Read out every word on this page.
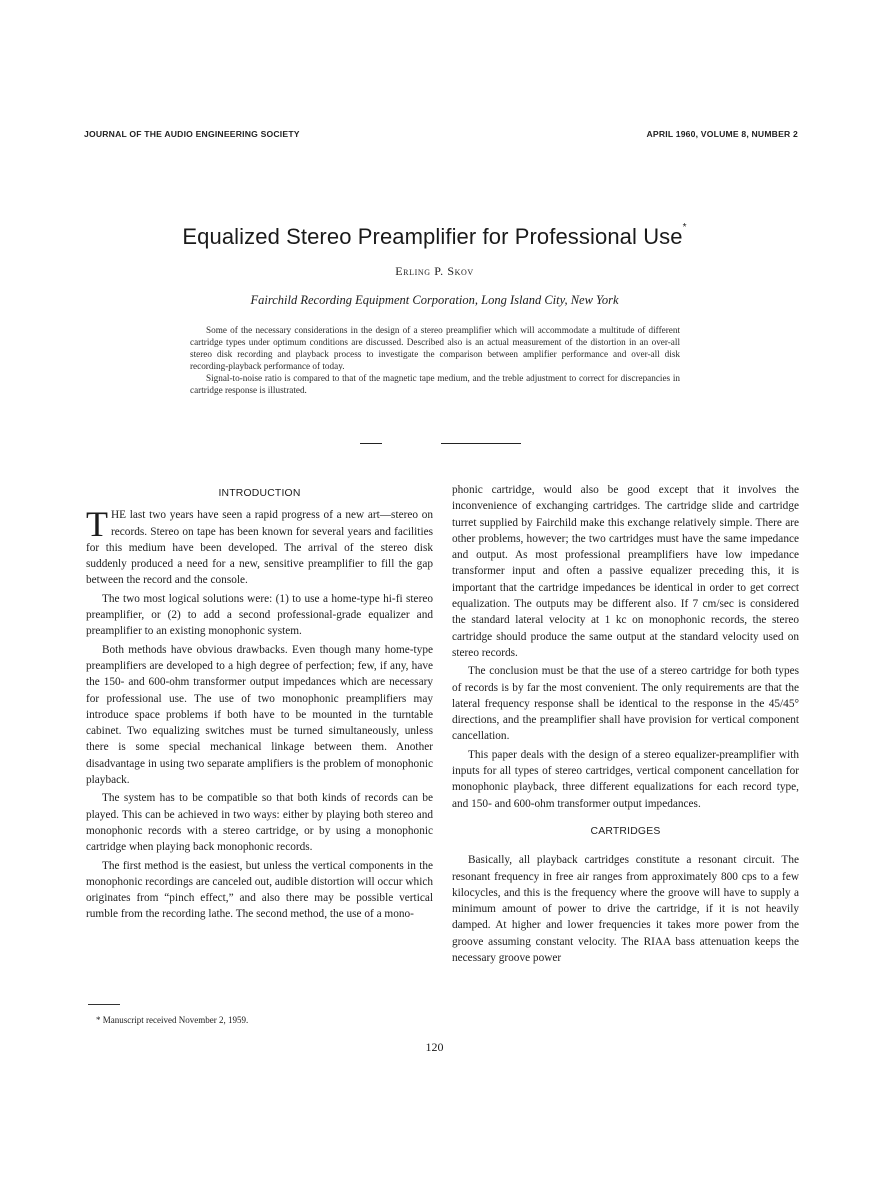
JOURNAL OF THE AUDIO ENGINEERING SOCIETY	APRIL 1960, VOLUME 8, NUMBER 2
Equalized Stereo Preamplifier for Professional Use*
Erling P. Skov
Fairchild Recording Equipment Corporation, Long Island City, New York

Some of the necessary considerations in the design of a stereo preamplifier which will accommodate a multitude of different cartridge types under optimum conditions are discussed. Described also is an actual measurement of the distortion in an over-all stereo disk recording and playback process to investigate the comparison between amplifier performance and over-all disk recording-playback performance of today.

Signal-to-noise ratio is compared to that of the magnetic tape medium, and the treble adjustment to correct for discrepancies in cartridge response is illustrated.

INTRODUCTION

THE last two years have seen a rapid progress of a new art—stereo on records. Stereo on tape has been known for several years and facilities for this medium have been developed. The arrival of the stereo disk suddenly produced a need for a new, sensitive preamplifier to fill the gap between the record and the console.

The two most logical solutions were: (1) to use a home-type hi-fi stereo preamplifier, or (2) to add a second professional-grade equalizer and preamplifier to an existing monophonic system.

Both methods have obvious drawbacks. Even though many home-type preamplifiers are developed to a high degree of perfection; few, if any, have the 150- and 600-ohm transformer output impedances which are necessary for professional use. The use of two monophonic preamplifiers may introduce space problems if both have to be mounted in the turntable cabinet. Two equalizing switches must be turned simultaneously, unless there is some special mechanical linkage between them. Another disadvantage in using two separate amplifiers is the problem of monophonic playback.

The system has to be compatible so that both kinds of records can be played. This can be achieved in two ways: either by playing both stereo and monophonic records with a stereo cartridge, or by using a monophonic cartridge when playing back monophonic records.

The first method is the easiest, but unless the vertical components in the monophonic recordings are canceled out, audible distortion will occur which originates from “pinch effect,” and also there may be possible vertical rumble from the recording lathe. The second method, the use of a mono-

phonic cartridge, would also be good except that it involves the inconvenience of exchanging cartridges. The cartridge slide and cartridge turret supplied by Fairchild make this exchange relatively simple. There are other problems, however; the two cartridges must have the same impedance and output. As most professional preamplifiers have low impedance transformer input and often a passive equalizer preceding this, it is important that the cartridge impedances be identical in order to get correct equalization. The outputs may be different also. If 7 cm/sec is considered the standard lateral velocity at 1 kc on monophonic records, the stereo cartridge should produce the same output at the standard velocity used on stereo records.

The conclusion must be that the use of a stereo cartridge for both types of records is by far the most convenient. The only requirements are that the lateral frequency response shall be identical to the response in the 45/45° directions, and the preamplifier shall have provision for vertical component cancellation.

This paper deals with the design of a stereo equalizer-preamplifier with inputs for all types of stereo cartridges, vertical component cancellation for monophonic playback, three different equalizations for each record type, and 150- and 600-ohm transformer output impedances.

CARTRIDGES

Basically, all playback cartridges constitute a resonant circuit. The resonant frequency in free air ranges from approximately 800 cps to a few kilocycles, and this is the frequency where the groove will have to supply a minimum amount of power to drive the cartridge, if it is not heavily damped. At higher and lower frequencies it takes more power from the groove assuming constant velocity. The RIAA bass attenuation keeps the necessary groove power

* Manuscript received November 2, 1959.
120
